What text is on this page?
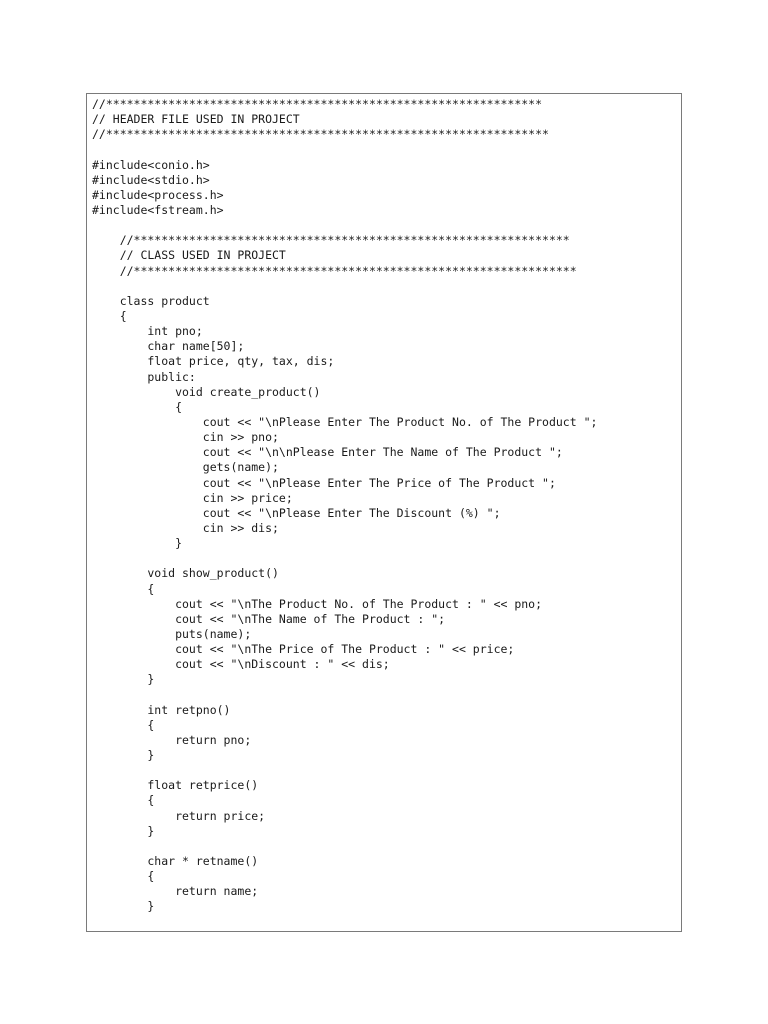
//***************************************************************
// HEADER FILE USED IN PROJECT
//****************************************************************
#include<conio.h>
#include<stdio.h>
#include<process.h>
#include<fstream.h>
//***************************************************************
// CLASS USED IN PROJECT
//****************************************************************
class product
{
int pno;
char name[50];
float price, qty, tax, dis;
public:
void create_product()
{
cout << "\nPlease Enter The Product No. of The Product ";
cin >> pno;
cout << "\n\nPlease Enter The Name of The Product ";
gets(name);
cout << "\nPlease Enter The Price of The Product ";
cin >> price;
cout << "\nPlease Enter The Discount (%) ";
cin >> dis;
}
void show_product()
{
cout << "\nThe Product No. of The Product : " << pno;
cout << "\nThe Name of The Product : ";
puts(name);
cout << "\nThe Price of The Product : " << price;
cout << "\nDiscount : " << dis;
}
int retpno()
{
return pno;
}
float retprice()
{
return price;
}
char * retname()
{
return name;
}
